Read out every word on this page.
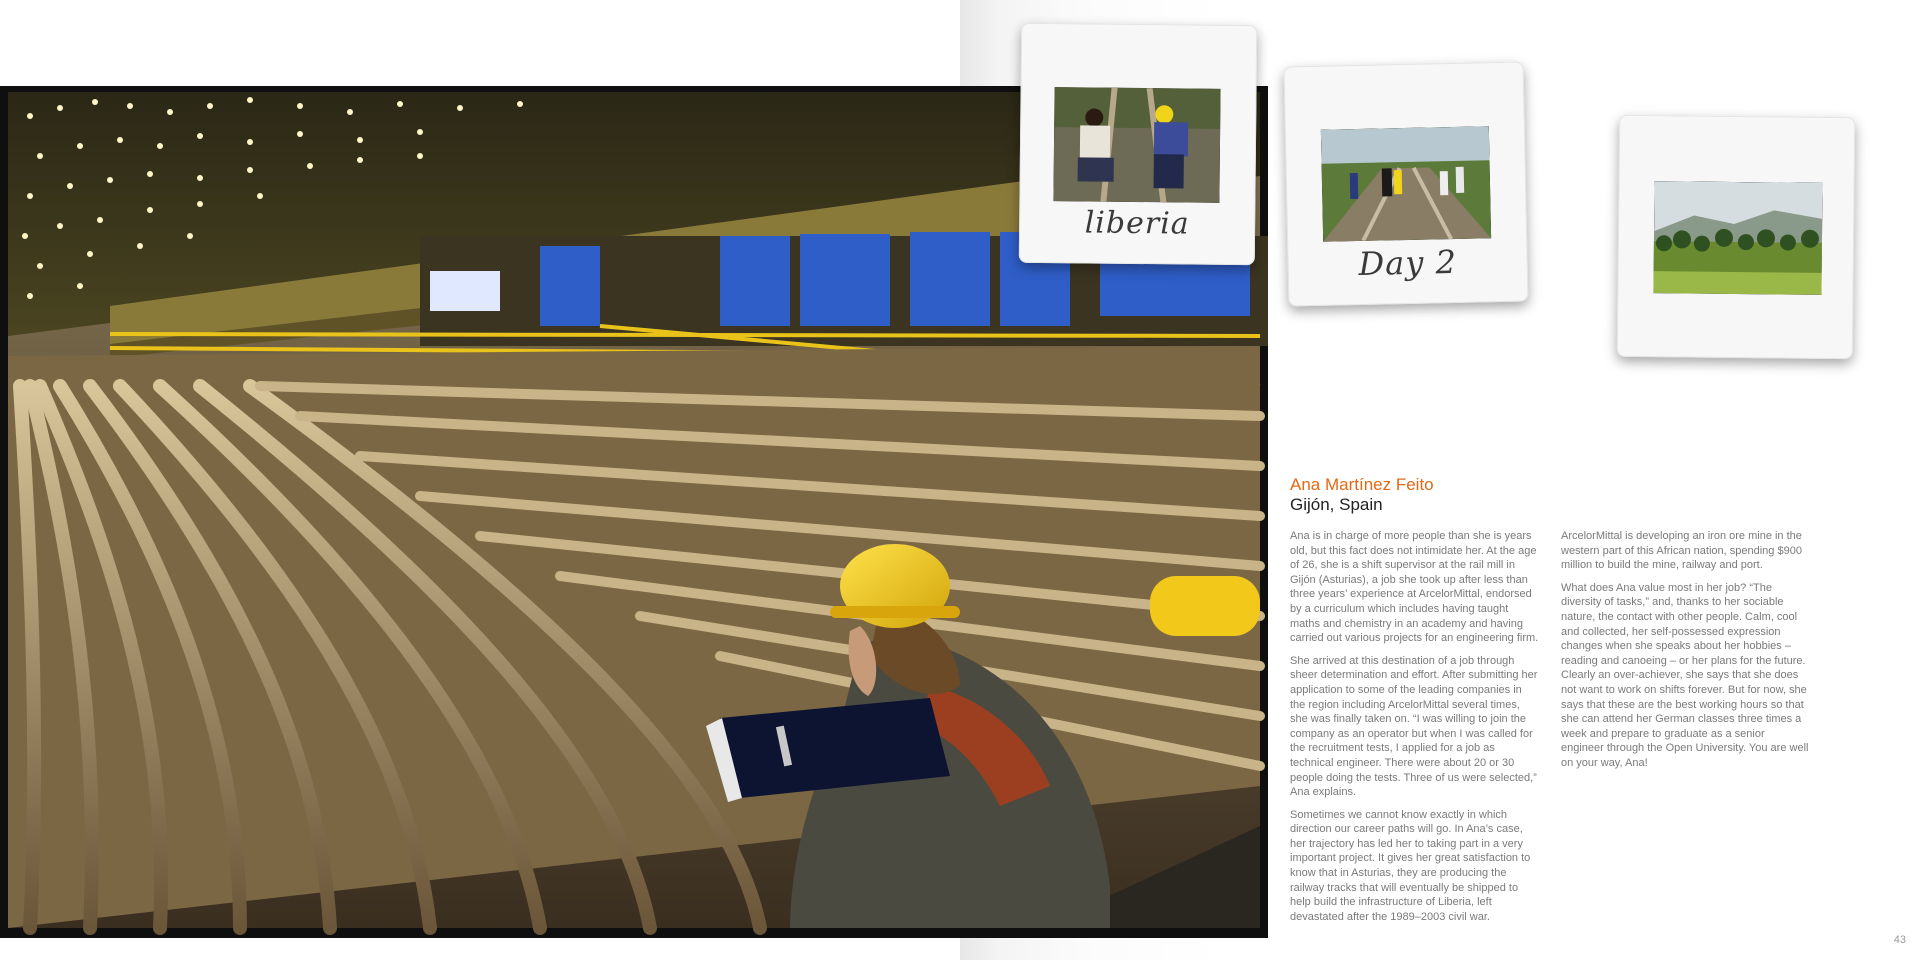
liberia
Day 2
Ana Martínez Feito
Gijón, Spain

Ana is in charge of more people than she is years old, but this fact does not intimidate her. At the age of 26, she is a shift supervisor at the rail mill in Gijón (Asturias), a job she took up after less than three years’ experience at ArcelorMittal, endorsed by a curriculum which includes having taught maths and chemistry in an academy and having carried out various projects for an engineering firm.

She arrived at this destination of a job through sheer determination and effort. After submitting her application to some of the leading companies in the region including ArcelorMittal several times, she was finally taken on. “I was willing to join the company as an operator but when I was called for the recruitment tests, I applied for a job as technical engineer. There were about 20 or 30 people doing the tests. Three of us were selected,” Ana explains.

Sometimes we cannot know exactly in which direction our career paths will go. In Ana’s case, her trajectory has led her to taking part in a very important project. It gives her great satisfaction to know that in Asturias, they are producing the railway tracks that will eventually be shipped to help build the infrastructure of Liberia, left devastated after the 1989–2003 civil war.

ArcelorMittal is developing an iron ore mine in the western part of this African nation, spending $900 million to build the mine, railway and port.

What does Ana value most in her job? “The diversity of tasks,” and, thanks to her sociable nature, the contact with other people. Calm, cool and collected, her self-possessed expression changes when she speaks about her hobbies – reading and canoeing – or her plans for the future. Clearly an over-achiever, she says that she does not want to work on shifts forever. But for now, she says that these are the best working hours so that she can attend her German classes three times a week and prepare to graduate as a senior engineer through the Open University. You are well on your way, Ana!

43
